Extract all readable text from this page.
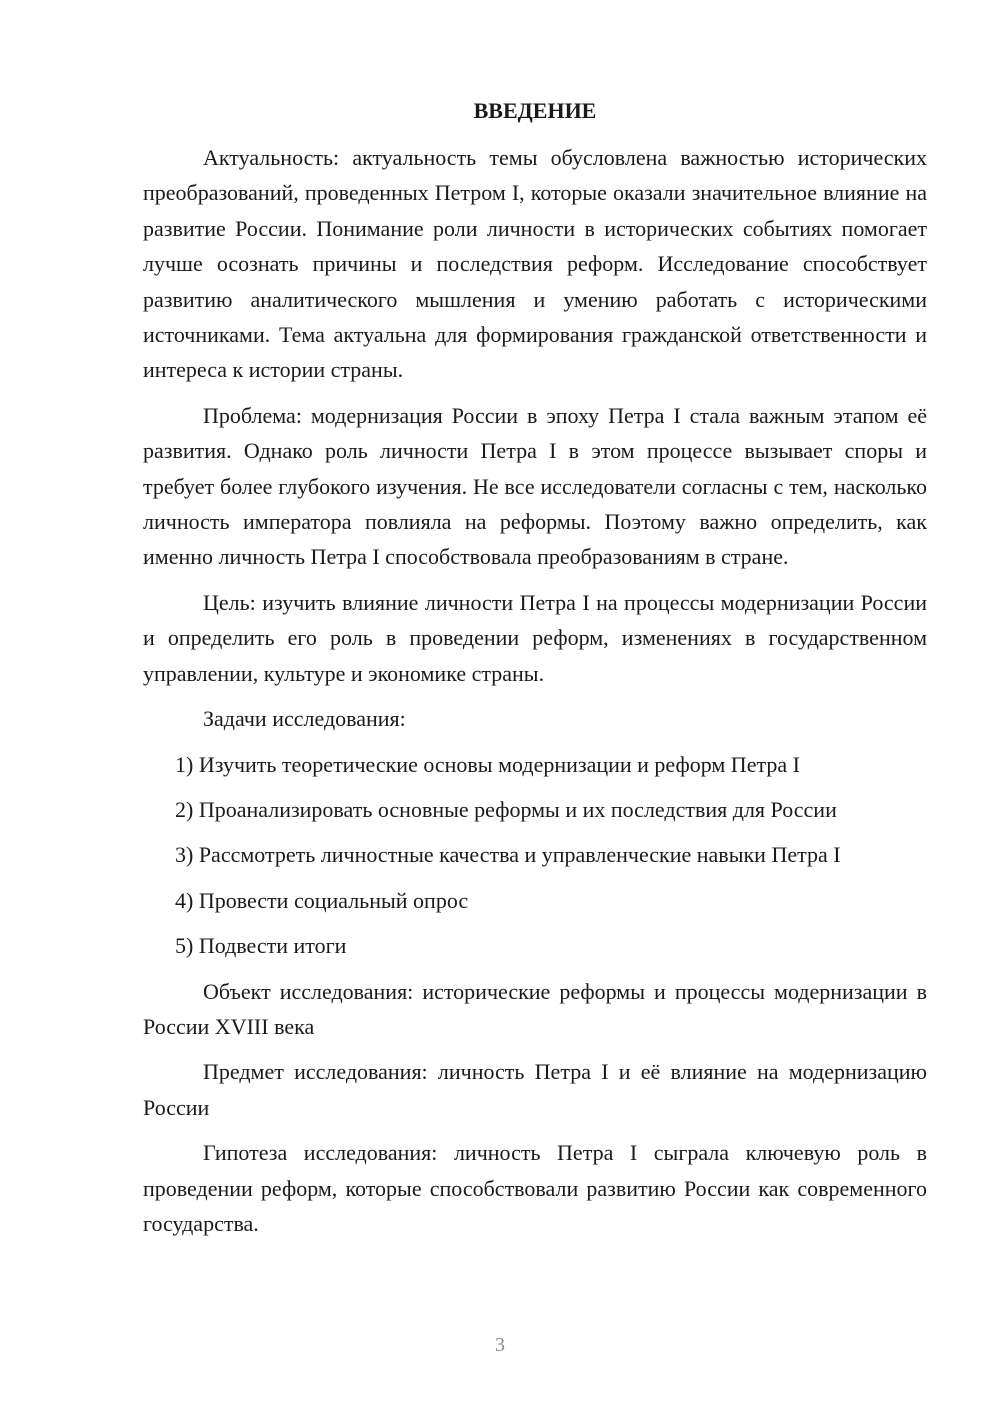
ВВЕДЕНИЕ

Актуальность: актуальность темы обусловлена важностью исторических преобразований, проведенных Петром I, которые оказали значительное влияние на развитие России. Понимание роли личности в исторических событиях помогает лучше осознать причины и последствия реформ. Исследование способствует развитию аналитического мышления и умению работать с историческими источниками. Тема актуальна для формирования гражданской ответственности и интереса к истории страны.

Проблема: модернизация России в эпоху Петра I стала важным этапом её развития. Однако роль личности Петра I в этом процессе вызывает споры и требует более глубокого изучения. Не все исследователи согласны с тем, насколько личность императора повлияла на реформы. Поэтому важно определить, как именно личность Петра I способствовала преобразованиям в стране.

Цель: изучить влияние личности Петра I на процессы модернизации России и определить его роль в проведении реформ, изменениях в государственном управлении, культуре и экономике страны.

Задачи исследования:

1) Изучить теоретические основы модернизации и реформ Петра I

2) Проанализировать основные реформы и их последствия для России

3) Рассмотреть личностные качества и управленческие навыки Петра I

4) Провести социальный опрос

5) Подвести итоги

Объект исследования: исторические реформы и процессы модернизации в России XVIII века

Предмет исследования: личность Петра I и её влияние на модернизацию России

Гипотеза исследования: личность Петра I сыграла ключевую роль в проведении реформ, которые способствовали развитию России как современного государства.

3
